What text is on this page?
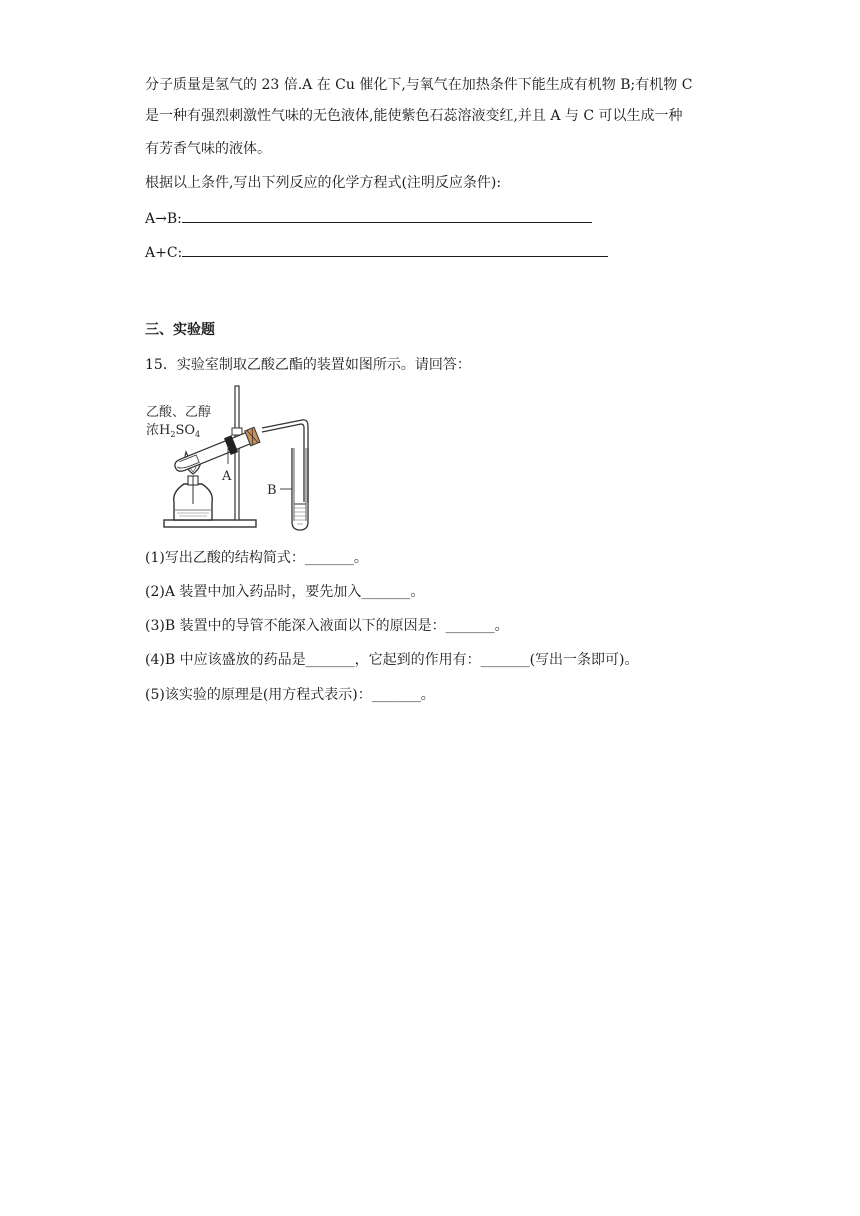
分子质量是氢气的 23 倍.A 在 Cu 催化下,与氧气在加热条件下能生成有机物 B;有机物 C
是一种有强烈刺激性气味的无色液体,能使紫色石蕊溶液变红,并且 A 与 C 可以生成一种
有芳香气味的液体。
根据以上条件,写出下列反应的化学方程式(注明反应条件):
A→B:
A+C:
三、实验题
15．实验室制取乙酸乙酯的装置如图所示。请回答：
乙酸、乙醇
浓$H_2SO_4$
A
B
(1)写出乙酸的结构简式：_______。
(2)A 装置中加入药品时，要先加入_______。
(3)B 装置中的导管不能深入液面以下的原因是：_______。
(4)B 中应该盛放的药品是_______，它起到的作用有：_______(写出一条即可)。
(5)该实验的原理是(用方程式表示)：_______。
